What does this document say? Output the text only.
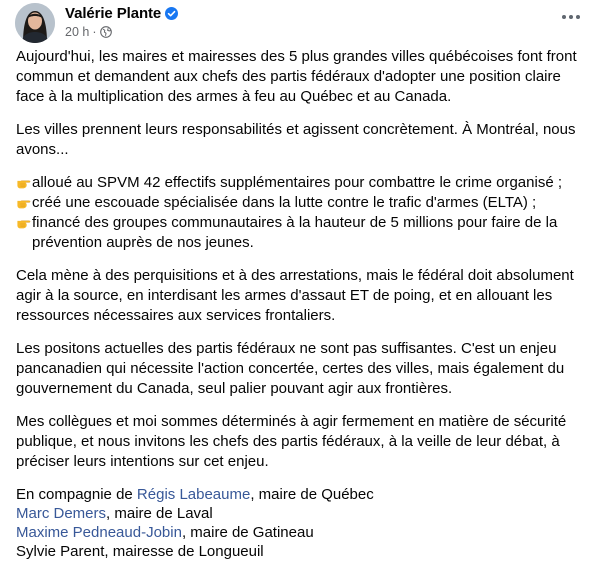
Valérie Plante
20 h ·

Aujourd'hui, les maires et mairesses des 5 plus grandes villes québécoises font front commun et demandent aux chefs des partis fédéraux d'adopter une position claire face à la multiplication des armes à feu au Québec et au Canada.

Les villes prennent leurs responsabilités et agissent concrètement. À Montréal, nous avons...

alloué au SPVM 42 effectifs supplémentaires pour combattre le crime organisé ;
créé une escouade spécialisée dans la lutte contre le trafic d'armes (ELTA) ;
financé des groupes communautaires à la hauteur de 5 millions pour faire de la prévention auprès de nos jeunes.

Cela mène à des perquisitions et à des arrestations, mais le fédéral doit absolument agir à la source, en interdisant les armes d'assaut ET de poing, et en allouant les ressources nécessaires aux services frontaliers.

Les positons actuelles des partis fédéraux ne sont pas suffisantes. C'est un enjeu pancanadien qui nécessite l'action concertée, certes des villes, mais également du gouvernement du Canada, seul palier pouvant agir aux frontières.

Mes collègues et moi sommes déterminés à agir fermement en matière de sécurité publique, et nous invitons les chefs des partis fédéraux, à la veille de leur débat, à préciser leurs intentions sur cet enjeu.

En compagnie de Régis Labeaume, maire de Québec
Marc Demers, maire de Laval
Maxime Pedneaud-Jobin, maire de Gatineau
Sylvie Parent, mairesse de Longueuil
